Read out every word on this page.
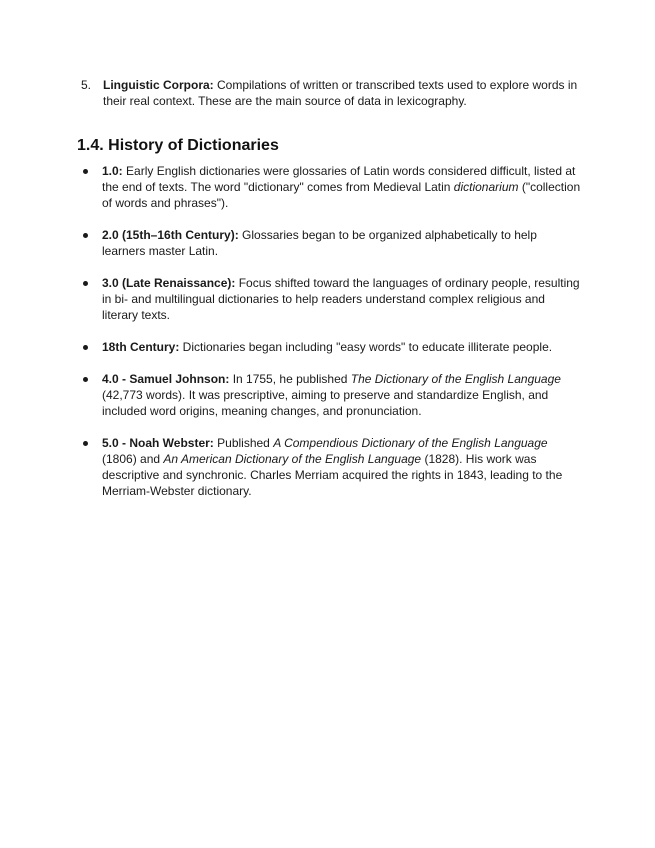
5. Linguistic Corpora: Compilations of written or transcribed texts used to explore words in their real context. These are the main source of data in lexicography.
1.4. History of Dictionaries
1.0: Early English dictionaries were glossaries of Latin words considered difficult, listed at the end of texts. The word "dictionary" comes from Medieval Latin dictionarium ("collection of words and phrases").
2.0 (15th–16th Century): Glossaries began to be organized alphabetically to help learners master Latin.
3.0 (Late Renaissance): Focus shifted toward the languages of ordinary people, resulting in bi- and multilingual dictionaries to help readers understand complex religious and literary texts.
18th Century: Dictionaries began including "easy words" to educate illiterate people.
4.0 - Samuel Johnson: In 1755, he published The Dictionary of the English Language (42,773 words). It was prescriptive, aiming to preserve and standardize English, and included word origins, meaning changes, and pronunciation.
5.0 - Noah Webster: Published A Compendious Dictionary of the English Language (1806) and An American Dictionary of the English Language (1828). His work was descriptive and synchronic. Charles Merriam acquired the rights in 1843, leading to the Merriam-Webster dictionary.
